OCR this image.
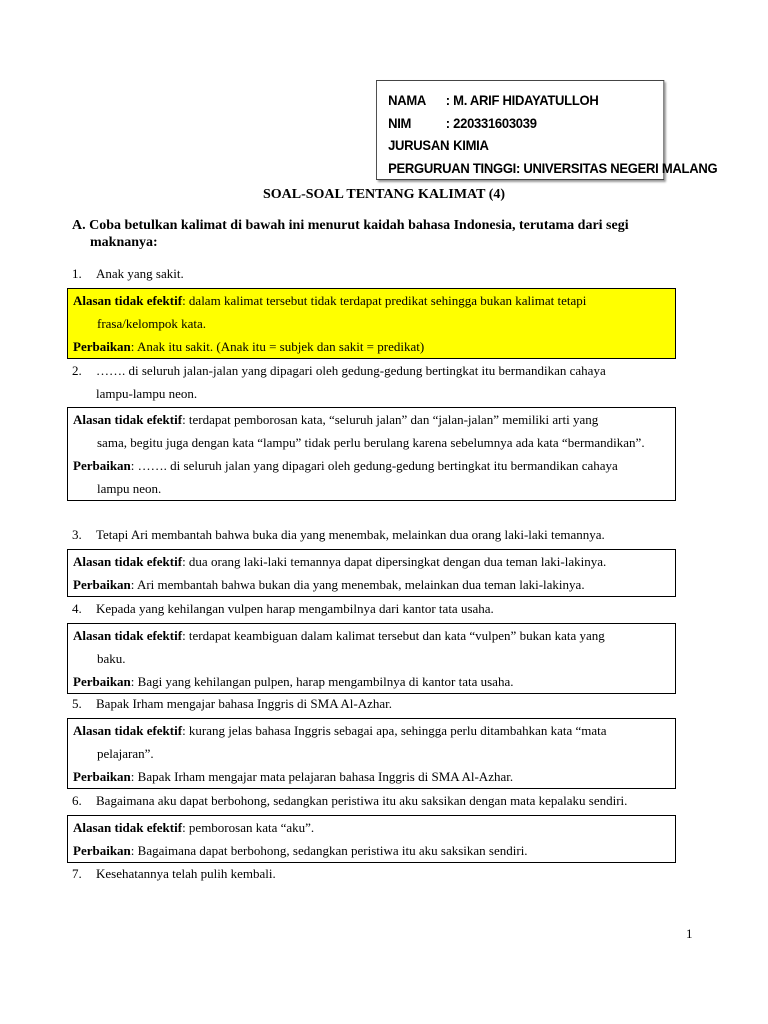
NAMA : M. ARIF HIDAYATULLOH
NIM : 220331603039
JURUSAN: KIMIA
PERGURUAN TINGGI: UNIVERSITAS NEGERI MALANG
SOAL-SOAL TENTANG KALIMAT (4)
A. Coba betulkan kalimat di bawah ini menurut kaidah bahasa Indonesia, terutama dari segi
maknanya:
1. Anak yang sakit.
Alasan tidak efektif: dalam kalimat tersebut tidak terdapat predikat sehingga bukan kalimat tetapi
frasa/kelompok kata.
Perbaikan: Anak itu sakit. (Anak itu = subjek dan sakit = predikat)
2. ……. di seluruh jalan-jalan yang dipagari oleh gedung-gedung bertingkat itu bermandikan cahaya
lampu-lampu neon.
Alasan tidak efektif: terdapat pemborosan kata, “seluruh jalan” dan “jalan-jalan” memiliki arti yang
sama, begitu juga dengan kata “lampu” tidak perlu berulang karena sebelumnya ada kata “bermandikan”.
Perbaikan: ……. di seluruh jalan yang dipagari oleh gedung-gedung bertingkat itu bermandikan cahaya
lampu neon.
3. Tetapi Ari membantah bahwa buka dia yang menembak, melainkan dua orang laki-laki temannya.
Alasan tidak efektif: dua orang laki-laki temannya dapat dipersingkat dengan dua teman laki-lakinya.
Perbaikan: Ari membantah bahwa bukan dia yang menembak, melainkan dua teman laki-lakinya.
4. Kepada yang kehilangan vulpen harap mengambilnya dari kantor tata usaha.
Alasan tidak efektif: terdapat keambiguan dalam kalimat tersebut dan kata “vulpen” bukan kata yang
baku.
Perbaikan: Bagi yang kehilangan pulpen, harap mengambilnya di kantor tata usaha.
5. Bapak Irham mengajar bahasa Inggris di SMA Al-Azhar.
Alasan tidak efektif: kurang jelas bahasa Inggris sebagai apa, sehingga perlu ditambahkan kata “mata
pelajaran”.
Perbaikan: Bapak Irham mengajar mata pelajaran bahasa Inggris di SMA Al-Azhar.
6. Bagaimana aku dapat berbohong, sedangkan peristiwa itu aku saksikan dengan mata kepalaku sendiri.
Alasan tidak efektif: pemborosan kata “aku”.
Perbaikan: Bagaimana dapat berbohong, sedangkan peristiwa itu aku saksikan sendiri.
7. Kesehatannya telah pulih kembali.
1
